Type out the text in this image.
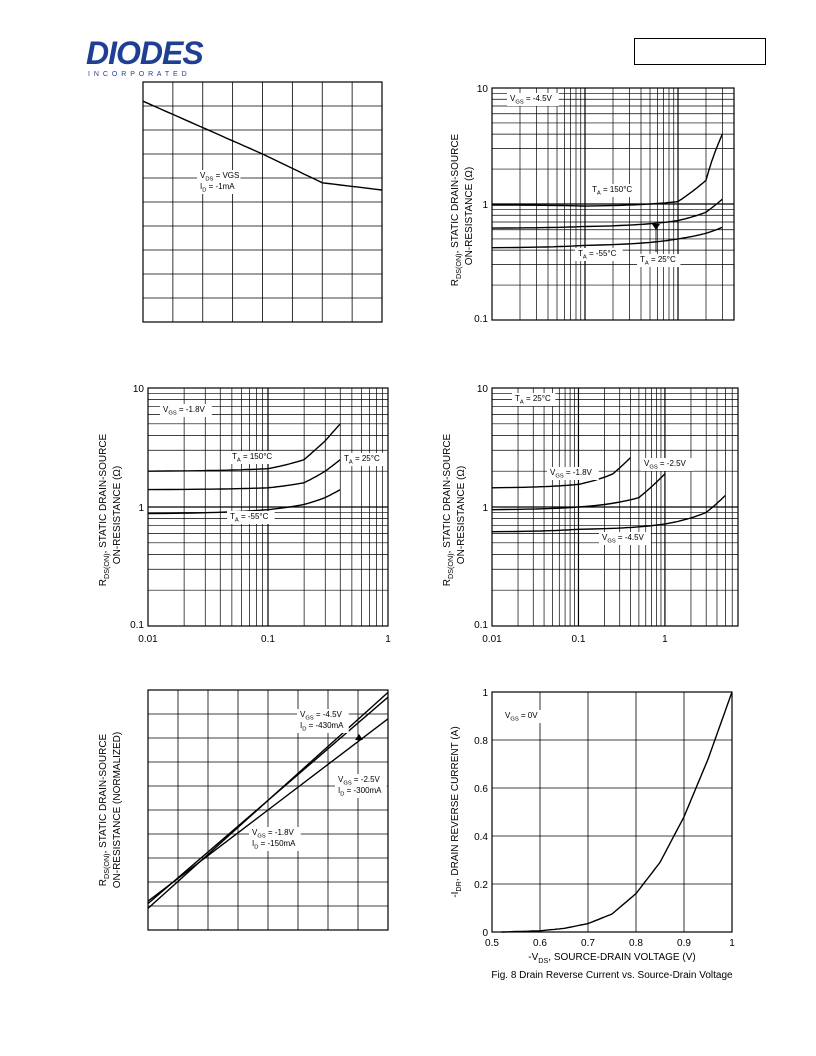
DIODES
I N C O R P O R A T E D
$V_{DS}$ = VGS
$I_D = -1mA$
10
1
0.1
$R_{DS(ON)}$, STATIC DRAIN-SOURCE ON-RESISTANCE (Ω)
$V_{GS} = -4.5V$
$T_A = 150^\circ C$
$T_A = -55^\circ C$
$T_A = 25^\circ C$
10
1
0.1
0.01	0.1	1
$R_{DS(ON)}$, STATIC DRAIN-SOURCE ON-RESISTANCE (Ω)
$V_{GS} = -1.8V$
$T_A = 150^\circ C$	$T_A = 25^\circ C$
$T_A = -55^\circ C$
10
1
0.1
0.01	0.1	1
$R_{DS(ON)}$, STATIC DRAIN-SOURCE ON-RESISTANCE (Ω)
$T_A = 25^\circ C$
$V_{GS} = -1.8V$
$V_{GS} = -2.5V$
$V_{GS} = -4.5V$
$R_{DS(ON)}$, STATIC DRAIN-SOURCE ON-RESISTANCE (NORMALIZED)
$V_{GS} = -4.5V$
$I_D = -430mA$
$V_{GS} = -2.5V$
$I_D = -300mA$
$V_{GS} = -1.8V$
$I_D = -150mA$
0.5	0.6	0.7	0.8	0.9	1
0
0.2
0.4
0.6
0.8
1
$-V_{DS}$, SOURCE-DRAIN VOLTAGE (V)
$-I_{DR}$, DRAIN REVERSE CURRENT (A)
Fig. 8 Drain Reverse Current vs. Source-Drain Voltage
$V_{GS} = 0V$
